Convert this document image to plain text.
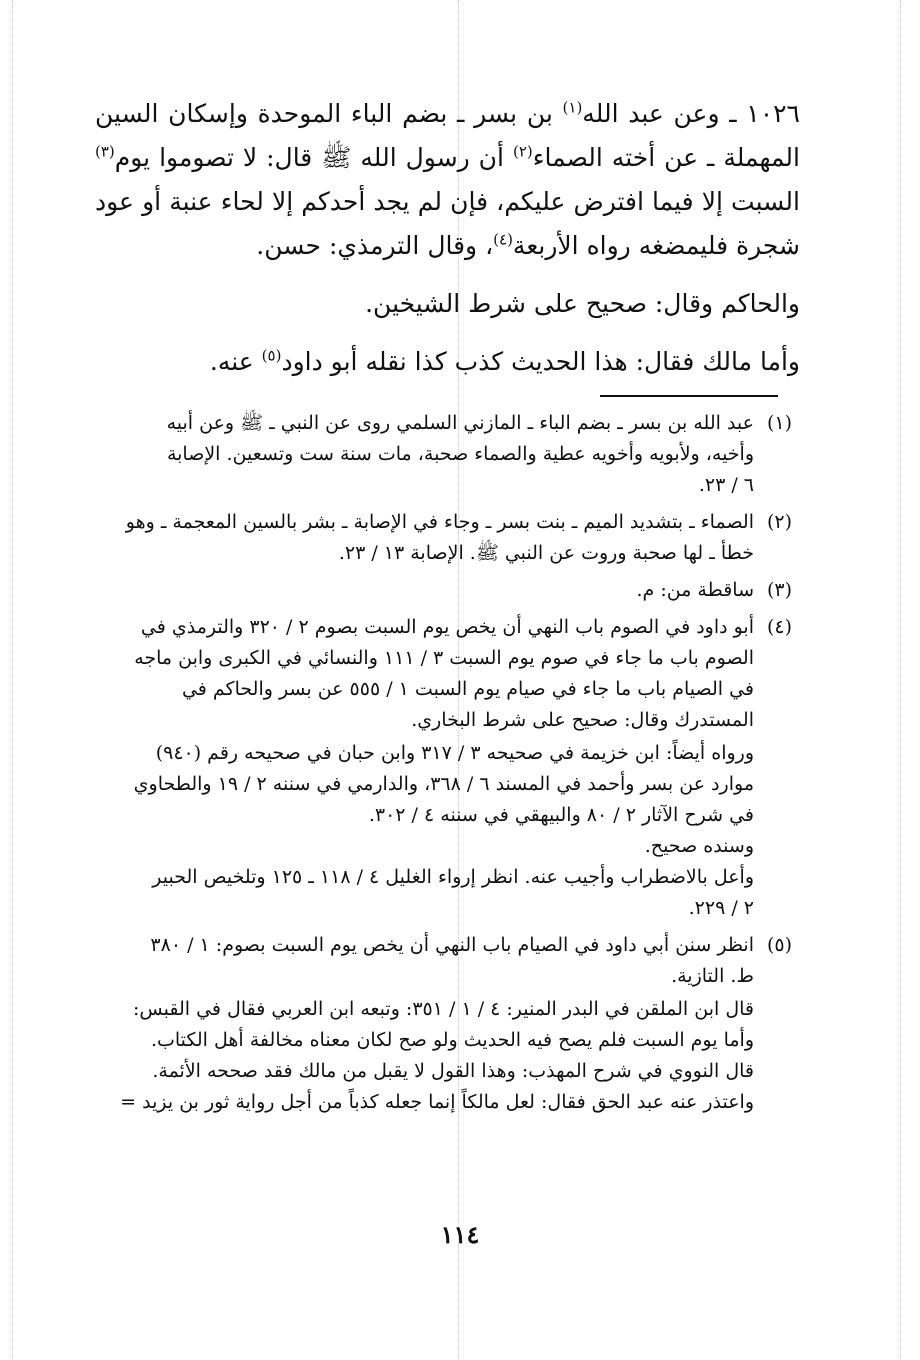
١٠٢٦ ـ وعن عبد الله$^{(١)}$ بن بسر ـ بضم الباء الموحدة وإسكان السين المهملة ـ عن أخته الصماء$^{(٢)}$ أن رسول الله ﷺ قال: لا تصوموا يوم$^{(٣)}$ السبت إلا فيما افترض عليكم، فإن لم يجد أحدكم إلا لحاء عنبة أو عود شجرة فليمضغه رواه الأربعة$^{(٤)}$، وقال الترمذي: حسن.

والحاكم وقال: صحيح على شرط الشيخين.

وأما مالك فقال: هذا الحديث كذب كذا نقله أبو داود$^{(٥)}$ عنه.

(١)
عبد الله بن بسر ـ بضم الباء ـ المازني السلمي روى عن النبي ـ ﷺ وعن أبيه
وأخيه، ولأبويه وأخويه عطية والصماء صحبة، مات سنة ست وتسعين. الإصابة
٦ / ٢٣.
(٢)
الصماء ـ بتشديد الميم ـ بنت بسر ـ وجاء في الإصابة ـ بشر بالسين المعجمة ـ وهو
خطأ ـ لها صحبة وروت عن النبي ﷺ. الإصابة ١٣ / ٢٣.
(٣)
ساقطة من: م.
(٤)
أبو داود في الصوم باب النهي أن يخص يوم السبت بصوم ٢ / ٣٢٠ والترمذي في
الصوم باب ما جاء في صوم يوم السبت ٣ / ١١١ والنسائي في الكبرى وابن ماجه
في الصيام باب ما جاء في صيام يوم السبت ١ / ٥٥٥ عن بسر والحاكم في
المستدرك وقال: صحيح على شرط البخاري.
ورواه أيضاً: ابن خزيمة في صحيحه ٣ / ٣١٧ وابن حبان في صحيحه رقم (٩٤٠)
موارد عن بسر وأحمد في المسند ٦ / ٣٦٨، والدارمي في سننه ٢ / ١٩ والطحاوي
في شرح الآثار ٢ / ٨٠ والبيهقي في سننه ٤ / ٣٠٢.
وسنده صحيح.
وأعل بالاضطراب وأجيب عنه. انظر إرواء الغليل ٤ / ١١٨ ـ ١٢٥ وتلخيص الحبير
٢ / ٢٢٩.
(٥)
انظر سنن أبي داود في الصيام باب النهي أن يخص يوم السبت بصوم: ١ / ٣٨٠
ط. التازية.
قال ابن الملقن في البدر المنير: ٤ / ١ / ٣٥١: وتبعه ابن العربي فقال في القبس:
وأما يوم السبت فلم يصح فيه الحديث ولو صح لكان معناه مخالفة أهل الكتاب.
قال النووي في شرح المهذب: وهذا القول لا يقبل من مالك فقد صححه الأئمة.
واعتذر عنه عبد الحق فقال: لعل مالكاً إنما جعله كذباً من أجل رواية ثور بن يزيد =
١١٤
